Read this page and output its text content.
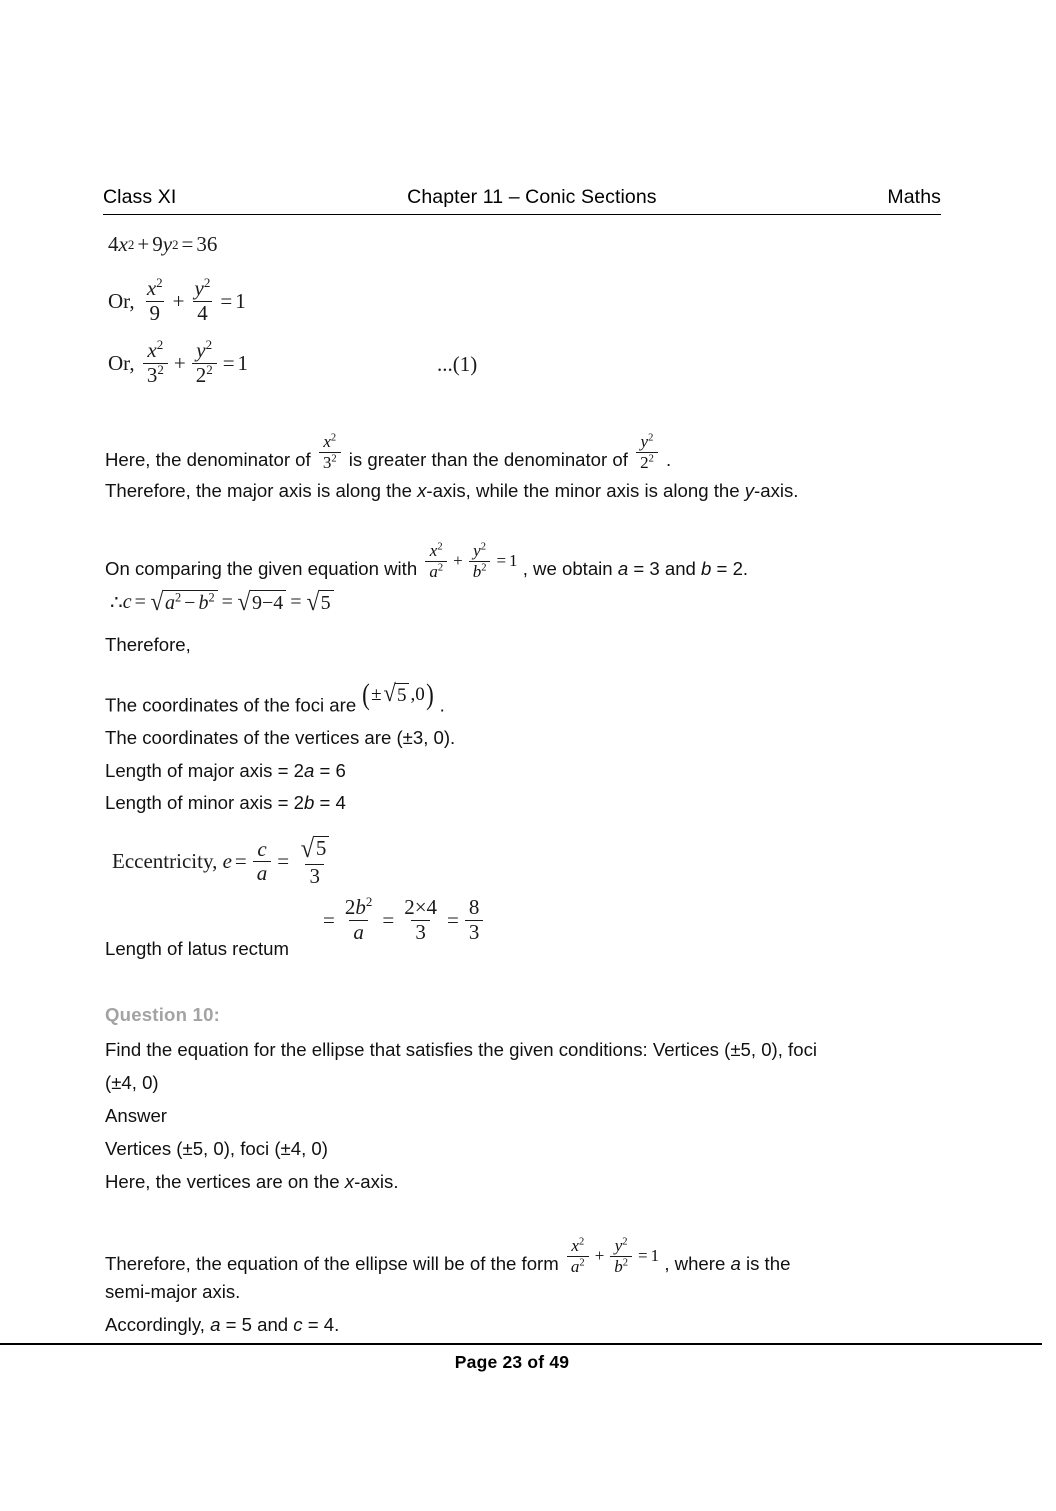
Class XI	Chapter 11 – Conic Sections	Maths
4 x 2 + 9 y 2 = 36
Or,
$\frac{x^2}{9} + \frac{y^2}{4} = 1$
Or,
$\frac{x^2}{3^2} + \frac{y^2}{2^2} = 1$	...(1)
Here, the denominator of $\frac{x^2}{3^2}$ is greater than the denominator of $\frac{y^2}{2^2}$ .
Therefore, the major axis is along the x-axis, while the minor axis is along the y-axis.
On comparing the given equation with $\frac{x^2}{a^2} + \frac{y^2}{b^2} = 1$ , we obtain a = 3 and b = 2.
∴ c = √ $a^2 - b^2$ = √ 9−4 = √ 5
Therefore,
The coordinates of the foci are ( ± √ 5 , 0 ) .
The coordinates of the vertices are (±3, 0).
Length of major axis = 2a = 6
Length of minor axis = 2b = 4
Eccentricity,
$e = \frac{c}{a} = \frac{√ 5}{3}$
= $\frac{2b^2}{a} = \frac{2\times 4}{3} = \frac{8}{3}$
Length of latus rectum
Question 10:
Find the equation for the ellipse that satisfies the given conditions: Vertices (±5, 0), foci
(±4, 0)
Answer
Vertices (±5, 0), foci (±4, 0)
Here, the vertices are on the x-axis.
Therefore, the equation of the ellipse will be of the form $\frac{x^2}{a^2} + \frac{y^2}{b^2} = 1$ , where a is the
semi-major axis.
Accordingly, a = 5 and c = 4.
Page 23 of 49
